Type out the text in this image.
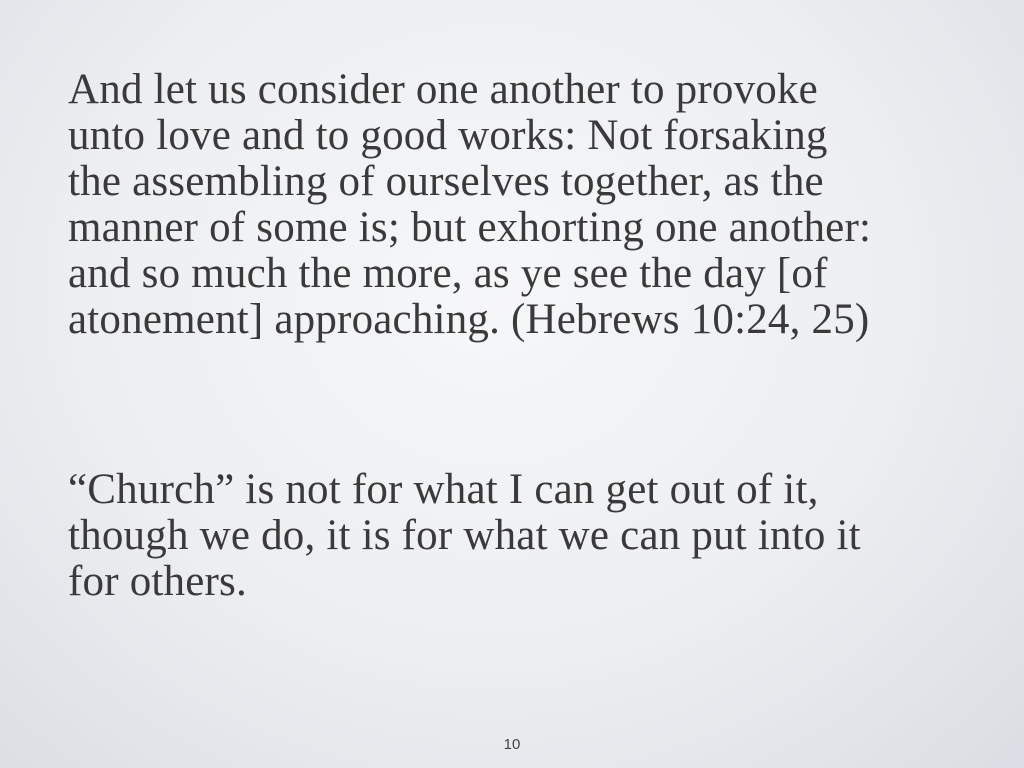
And let us consider one another to provoke
unto love and to good works: Not forsaking
the assembling of ourselves together, as the
manner of some is; but exhorting one another:
and so much the more, as ye see the day [of
atonement] approaching. (Hebrews 10:24, 25)

“Church” is not for what I can get out of it,
though we do, it is for what we can put into it
for others.

10
